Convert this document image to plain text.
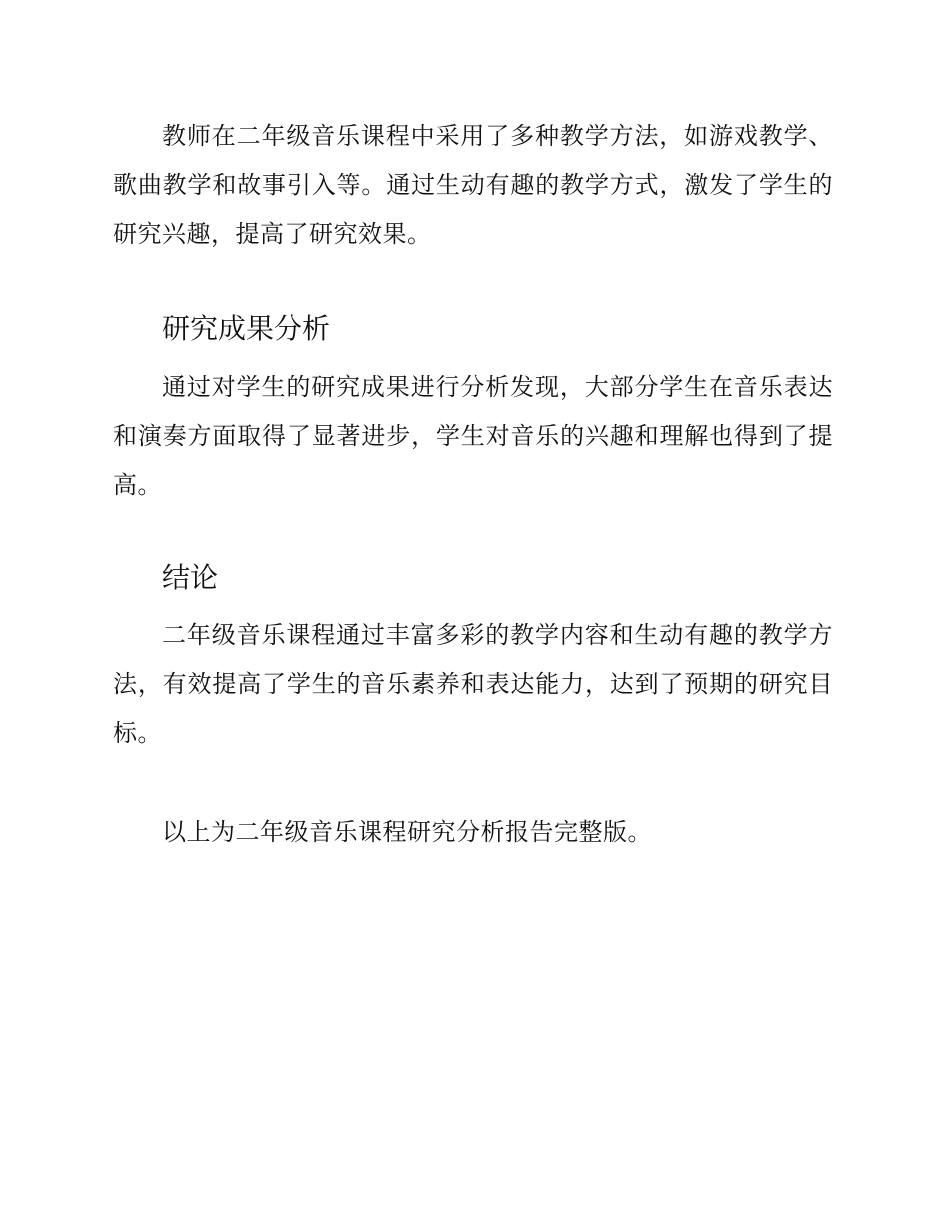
教师在二年级音乐课程中采用了多种教学方法，如游戏教学、歌曲教学和故事引入等。通过生动有趣的教学方式，激发了学生的研究兴趣，提高了研究效果。

研究成果分析

通过对学生的研究成果进行分析发现，大部分学生在音乐表达和演奏方面取得了显著进步，学生对音乐的兴趣和理解也得到了提高。

结论

二年级音乐课程通过丰富多彩的教学内容和生动有趣的教学方法，有效提高了学生的音乐素养和表达能力，达到了预期的研究目标。

以上为二年级音乐课程研究分析报告完整版。
